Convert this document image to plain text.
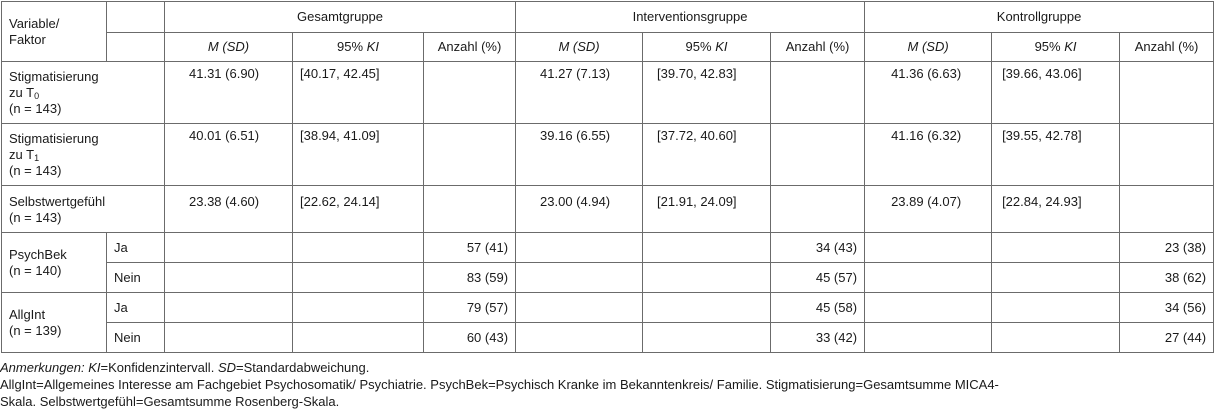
Variable/
Faktor		Gesamtgruppe			Interventionsgruppe			Kontrollgruppe		
		M (SD)	95% KI	Anzahl (%)	M (SD)	95% KI	Anzahl (%)	M (SD)	95% KI	Anzahl (%)

Stigmatisierung
zu $T_0$
(n = 143)		41.31 (6.90)	[40.17, 42.45]		41.27 (7.13)	[39.70, 42.83]		41.36 (6.63)	[39.66, 43.06]	

Stigmatisierung
zu $T_1$
(n = 143)		40.01 (6.51)	[38.94, 41.09]		39.16 (6.55)	[37.72, 40.60]		41.16 (6.32)	[39.55, 42.78]	

Selbstwertgefühl
(n = 143)		23.38 (4.60)	[22.62, 24.14]		23.00 (4.94)	[21.91, 24.09]		23.89 (4.07)	[22.84, 24.93]	

PsychBek
(n = 140)	Ja			57 (41)			34 (43)			23 (38)
	Nein			83 (59)			45 (57)			38 (62)

AllgInt
(n = 139)	Ja			79 (57)			45 (58)			34 (56)
	Nein			60 (43)			33 (42)			27 (44)
Anmerkungen: KI=Konfidenzintervall. SD=Standardabweichung.
AllgInt=Allgemeines Interesse am Fachgebiet Psychosomatik/ Psychiatrie. PsychBek=Psychisch Kranke im Bekanntenkreis/ Familie. Stigmatisierung=Gesamtsumme MICA4-
Skala. Selbstwertgefühl=Gesamtsumme Rosenberg-Skala.
